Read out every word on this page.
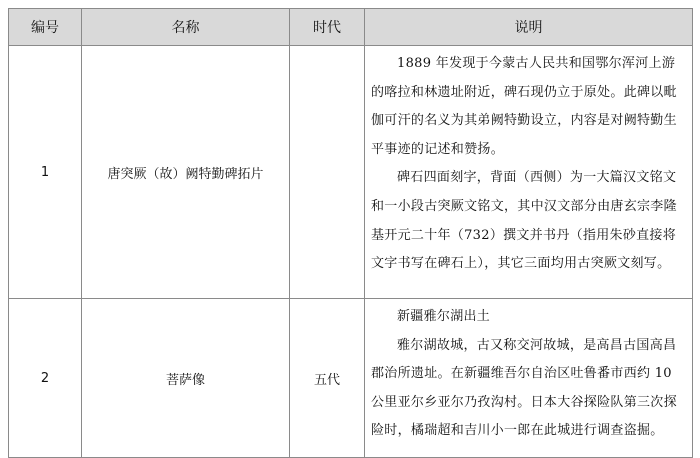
编号	名称	时代	说明
1	唐突厥（故）阙特勤碑拓片		1889 年发现于今蒙古人民共和国鄂尔浑河上游的喀拉和林遗址附近，碑石现仍立于原处。此碑以毗伽可汗的名义为其弟阙特勤设立，内容是对阙特勤生平事迹的记述和赞扬。

碑石四面刻字，背面（西侧）为一大篇汉文铭文和一小段古突厥文铭文，其中汉文部分由唐玄宗李隆基开元二十年（732）撰文并书丹（指用朱砂直接将文字书写在碑石上），其它三面均用古突厥文刻写。

2	菩萨像	五代	新疆雅尔湖出土

雅尔湖故城，古又称交河故城，是高昌古国高昌郡治所遗址。在新疆维吾尔自治区吐鲁番市西约 10 公里亚尔乡亚尔乃孜沟村。日本大谷探险队第三次探险时，橘瑞超和吉川小一郎在此城进行调查盗掘。
